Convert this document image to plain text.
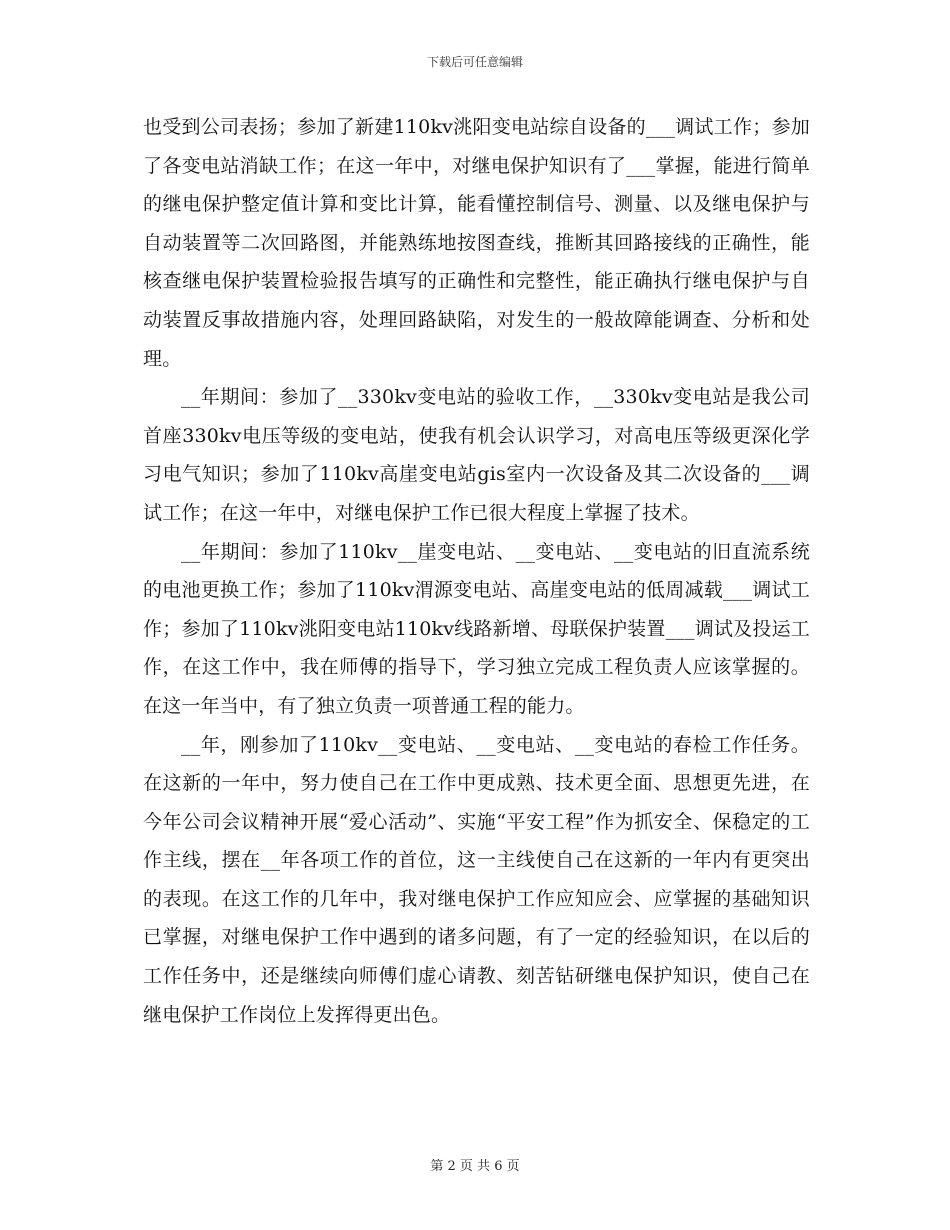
下载后可任意编辑

也受到公司表扬；参加了新建110kv洮阳变电站综自设备的___调试工作；参加了各变电站消缺工作；在这一年中，对继电保护知识有了___掌握，能进行简单的继电保护整定值计算和变比计算，能看懂控制信号、测量、以及继电保护与自动装置等二次回路图，并能熟练地按图查线，推断其回路接线的正确性，能核查继电保护装置检验报告填写的正确性和完整性，能正确执行继电保护与自动装置反事故措施内容，处理回路缺陷，对发生的一般故障能调查、分析和处理。

__年期间：参加了__330kv变电站的验收工作，__330kv变电站是我公司首座330kv电压等级的变电站，使我有机会认识学习，对高电压等级更深化学习电气知识；参加了110kv高崖变电站gis室内一次设备及其二次设备的___调试工作；在这一年中，对继电保护工作已很大程度上掌握了技术。

__年期间：参加了110kv__崖变电站、__变电站、__变电站的旧直流系统的电池更换工作；参加了110kv渭源变电站、高崖变电站的低周减载___调试工作；参加了110kv洮阳变电站110kv线路新增、母联保护装置___调试及投运工作，在这工作中，我在师傅的指导下，学习独立完成工程负责人应该掌握的。在这一年当中，有了独立负责一项普通工程的能力。

__年，刚参加了110kv__变电站、__变电站、__变电站的春检工作任务。在这新的一年中，努力使自己在工作中更成熟、技术更全面、思想更先进，在今年公司会议精神开展“爱心活动”、实施“平安工程”作为抓安全、保稳定的工作主线，摆在__年各项工作的首位，这一主线使自己在这新的一年内有更突出的表现。在这工作的几年中，我对继电保护工作应知应会、应掌握的基础知识已掌握，对继电保护工作中遇到的诸多问题，有了一定的经验知识，在以后的工作任务中，还是继续向师傅们虚心请教、刻苦钻研继电保护知识，使自己在继电保护工作岗位上发挥得更出色。

第 2 页 共 6 页
